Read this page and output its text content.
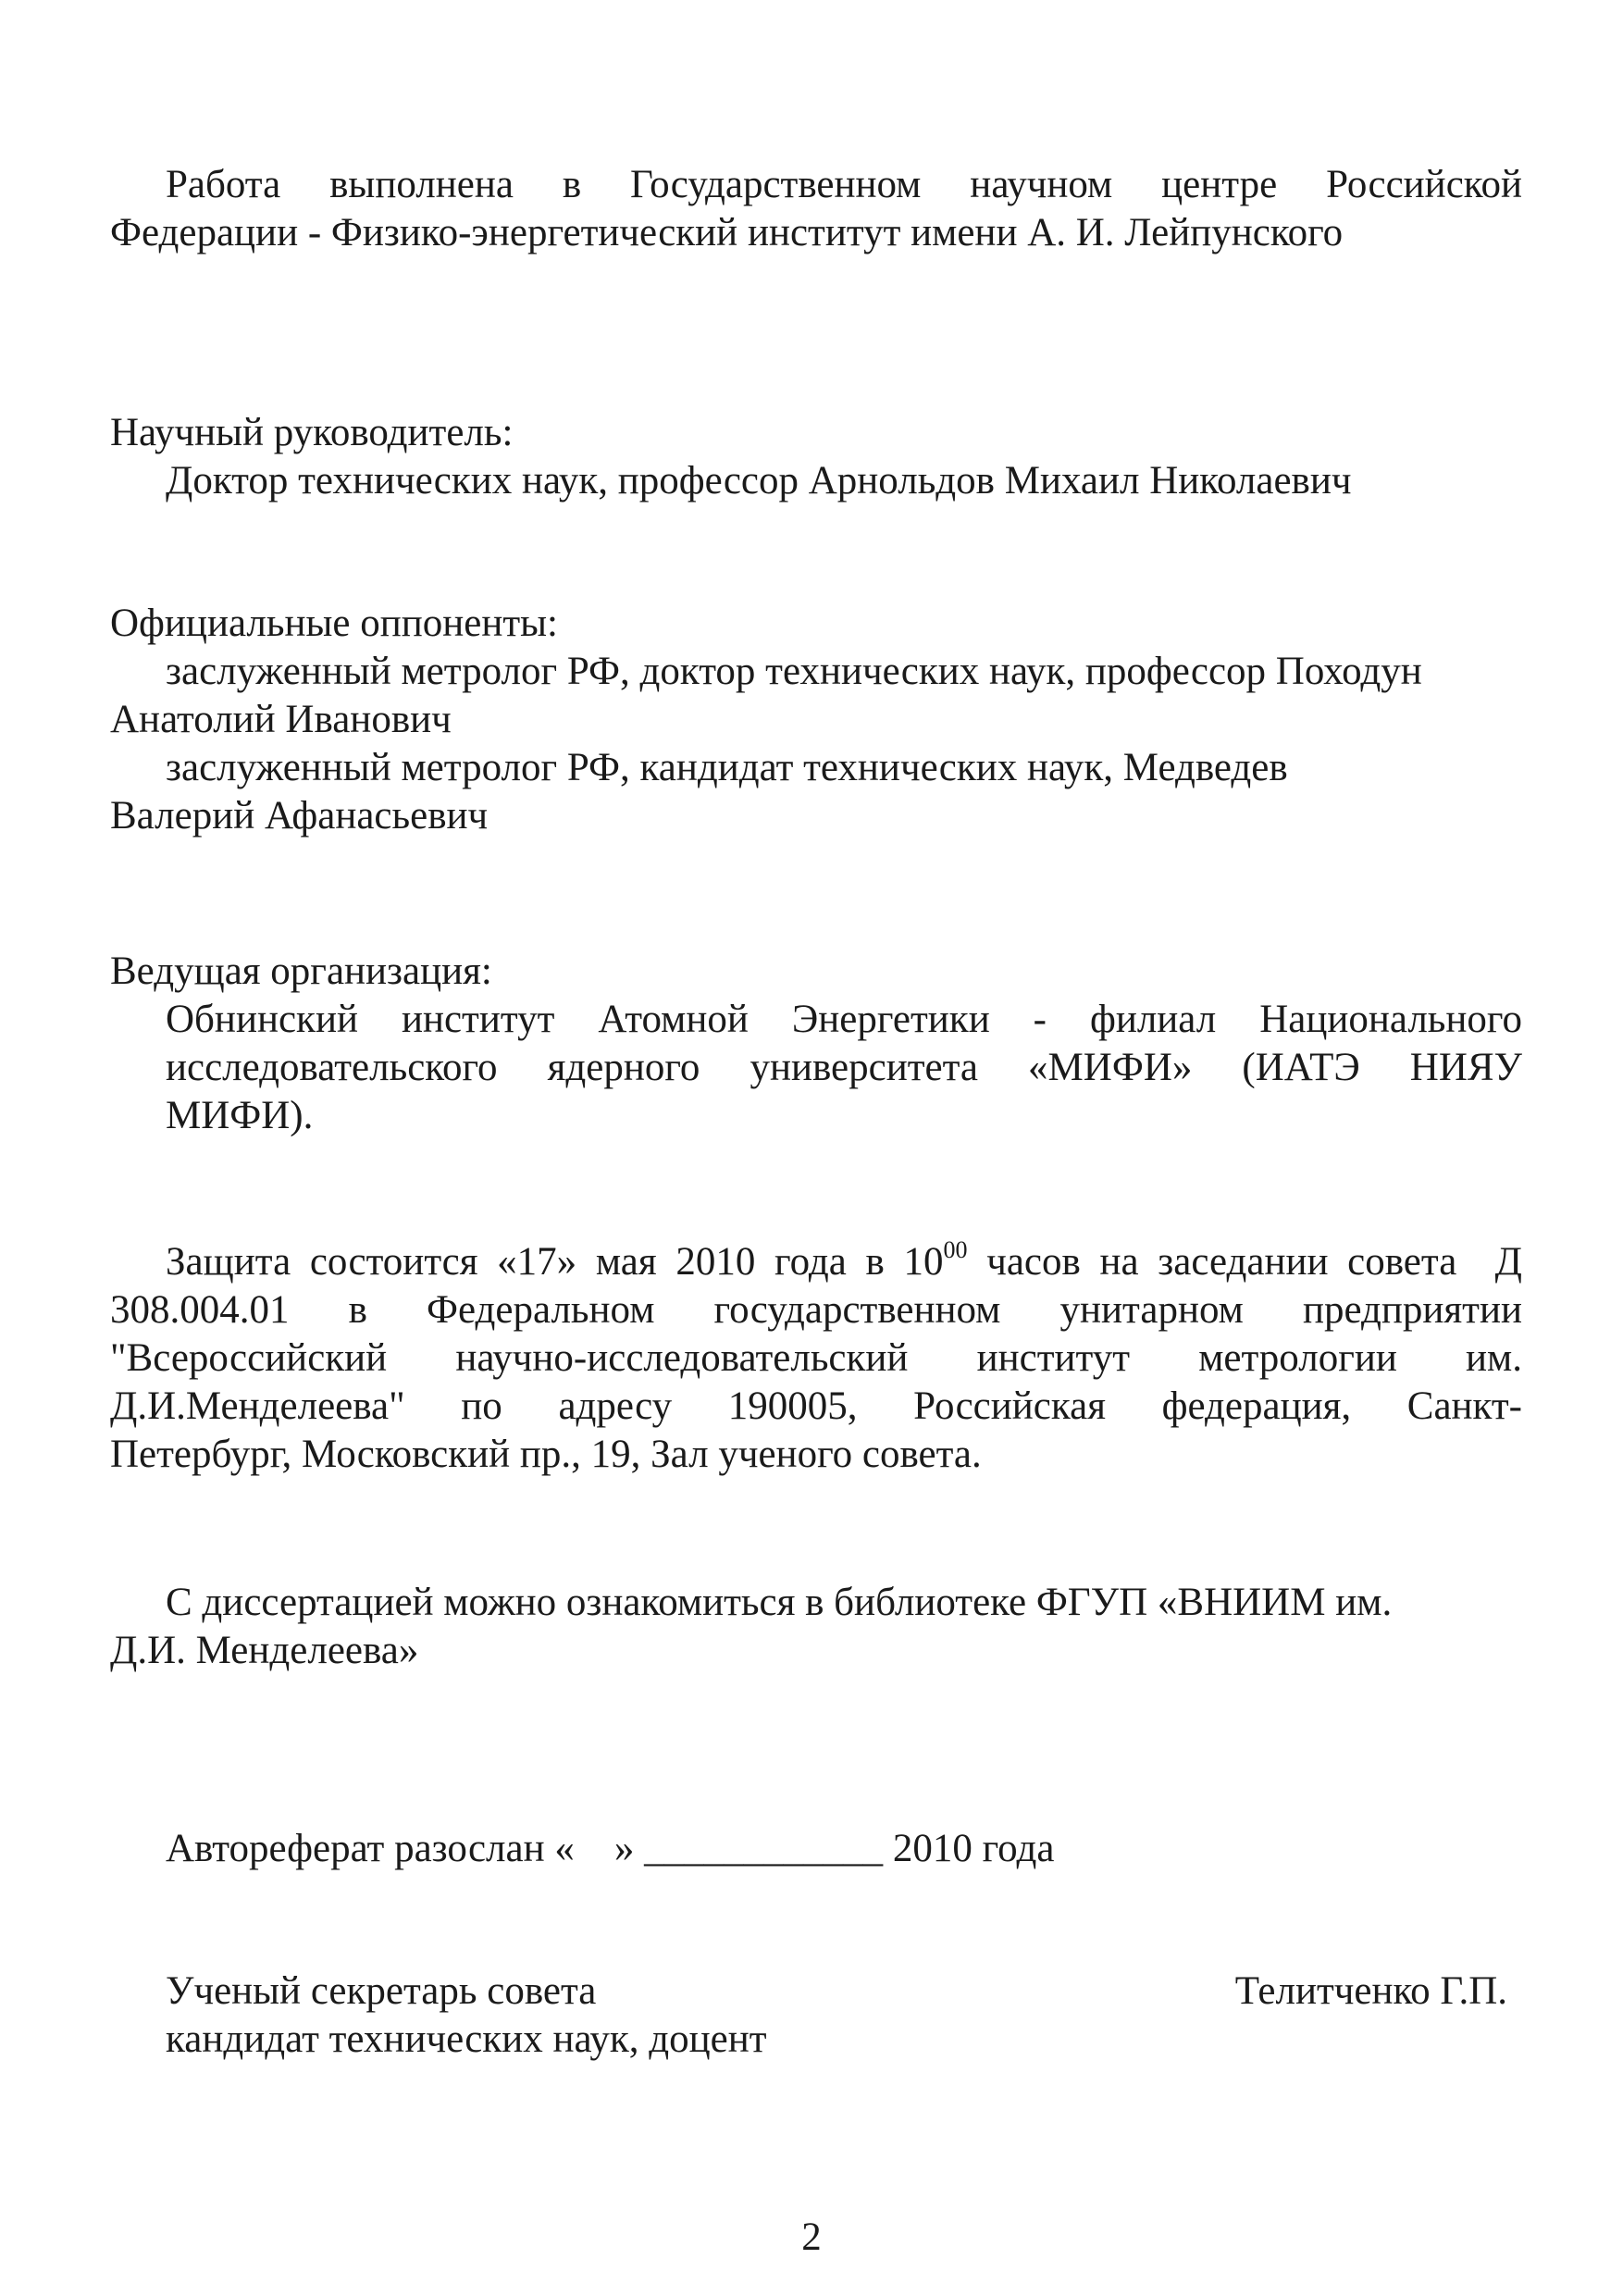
Работа выполнена в Государственном научном центре Российской
Федерации - Физико-энергетический институт имени А. И. Лейпунского
Научный руководитель:
Доктор технических наук, профессор Арнольдов Михаил Николаевич
Официальные оппоненты:
заслуженный метролог РФ, доктор технических наук, профессор Походун
Анатолий Иванович
заслуженный метролог РФ, кандидат технических наук, Медведев
Валерий Афанасьевич
Ведущая организация:
Обнинский институт Атомной Энергетики - филиал Национального
исследовательского ядерного университета «МИФИ» (ИАТЭ НИЯУ
МИФИ).
Защита состоится «17» мая 2010 года в $10^{00}$ часов на заседании совета  Д
308.004.01 в Федеральном государственном унитарном предприятии
"Всероссийский научно-исследовательский институт метрологии им.
Д.И.Менделеева" по адресу 190005, Российская федерация, Санкт-
Петербург, Московский пр., 19, Зал ученого совета.
С диссертацией можно ознакомиться в библиотеке ФГУП «ВНИИМ им.
Д.И. Менделеева»
Автореферат разослан «    » ____________ 2010 года
Ученый секретарь совета
кандидат технических наук, доцент
Телитченко Г.П.
2
